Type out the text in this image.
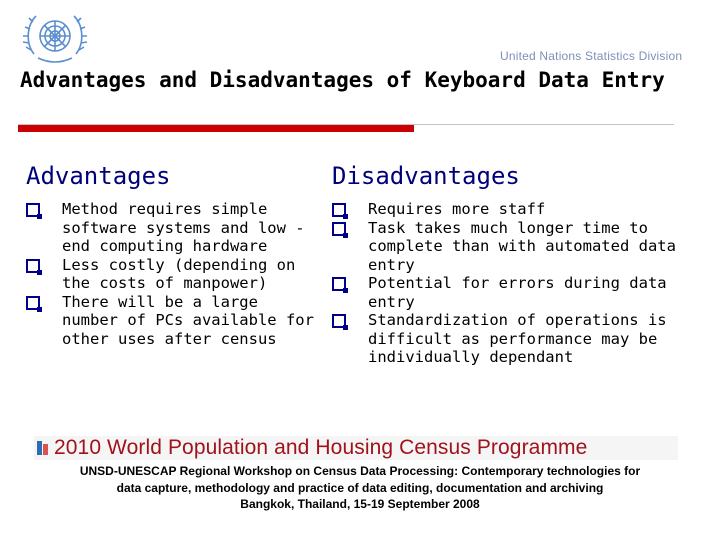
United Nations Statistics Division
Advantages and Disadvantages of Keyboard Data Entry
Advantages
Method requires simple software systems and low -end computing hardware
Less costly (depending on the costs of manpower)
There will be a large number of PCs available for other uses after census
Disadvantages
Requires more staff
Task takes much longer time to complete than with automated data entry
Potential for errors during data entry
Standardization of operations is difficult as performance may be individually dependant
2010 World Population and Housing Census Programme
UNSD-UNESCAP Regional Workshop on Census Data Processing: Contemporary technologies for
data capture, methodology and practice of data editing, documentation and archiving
Bangkok, Thailand, 15-19 September 2008
